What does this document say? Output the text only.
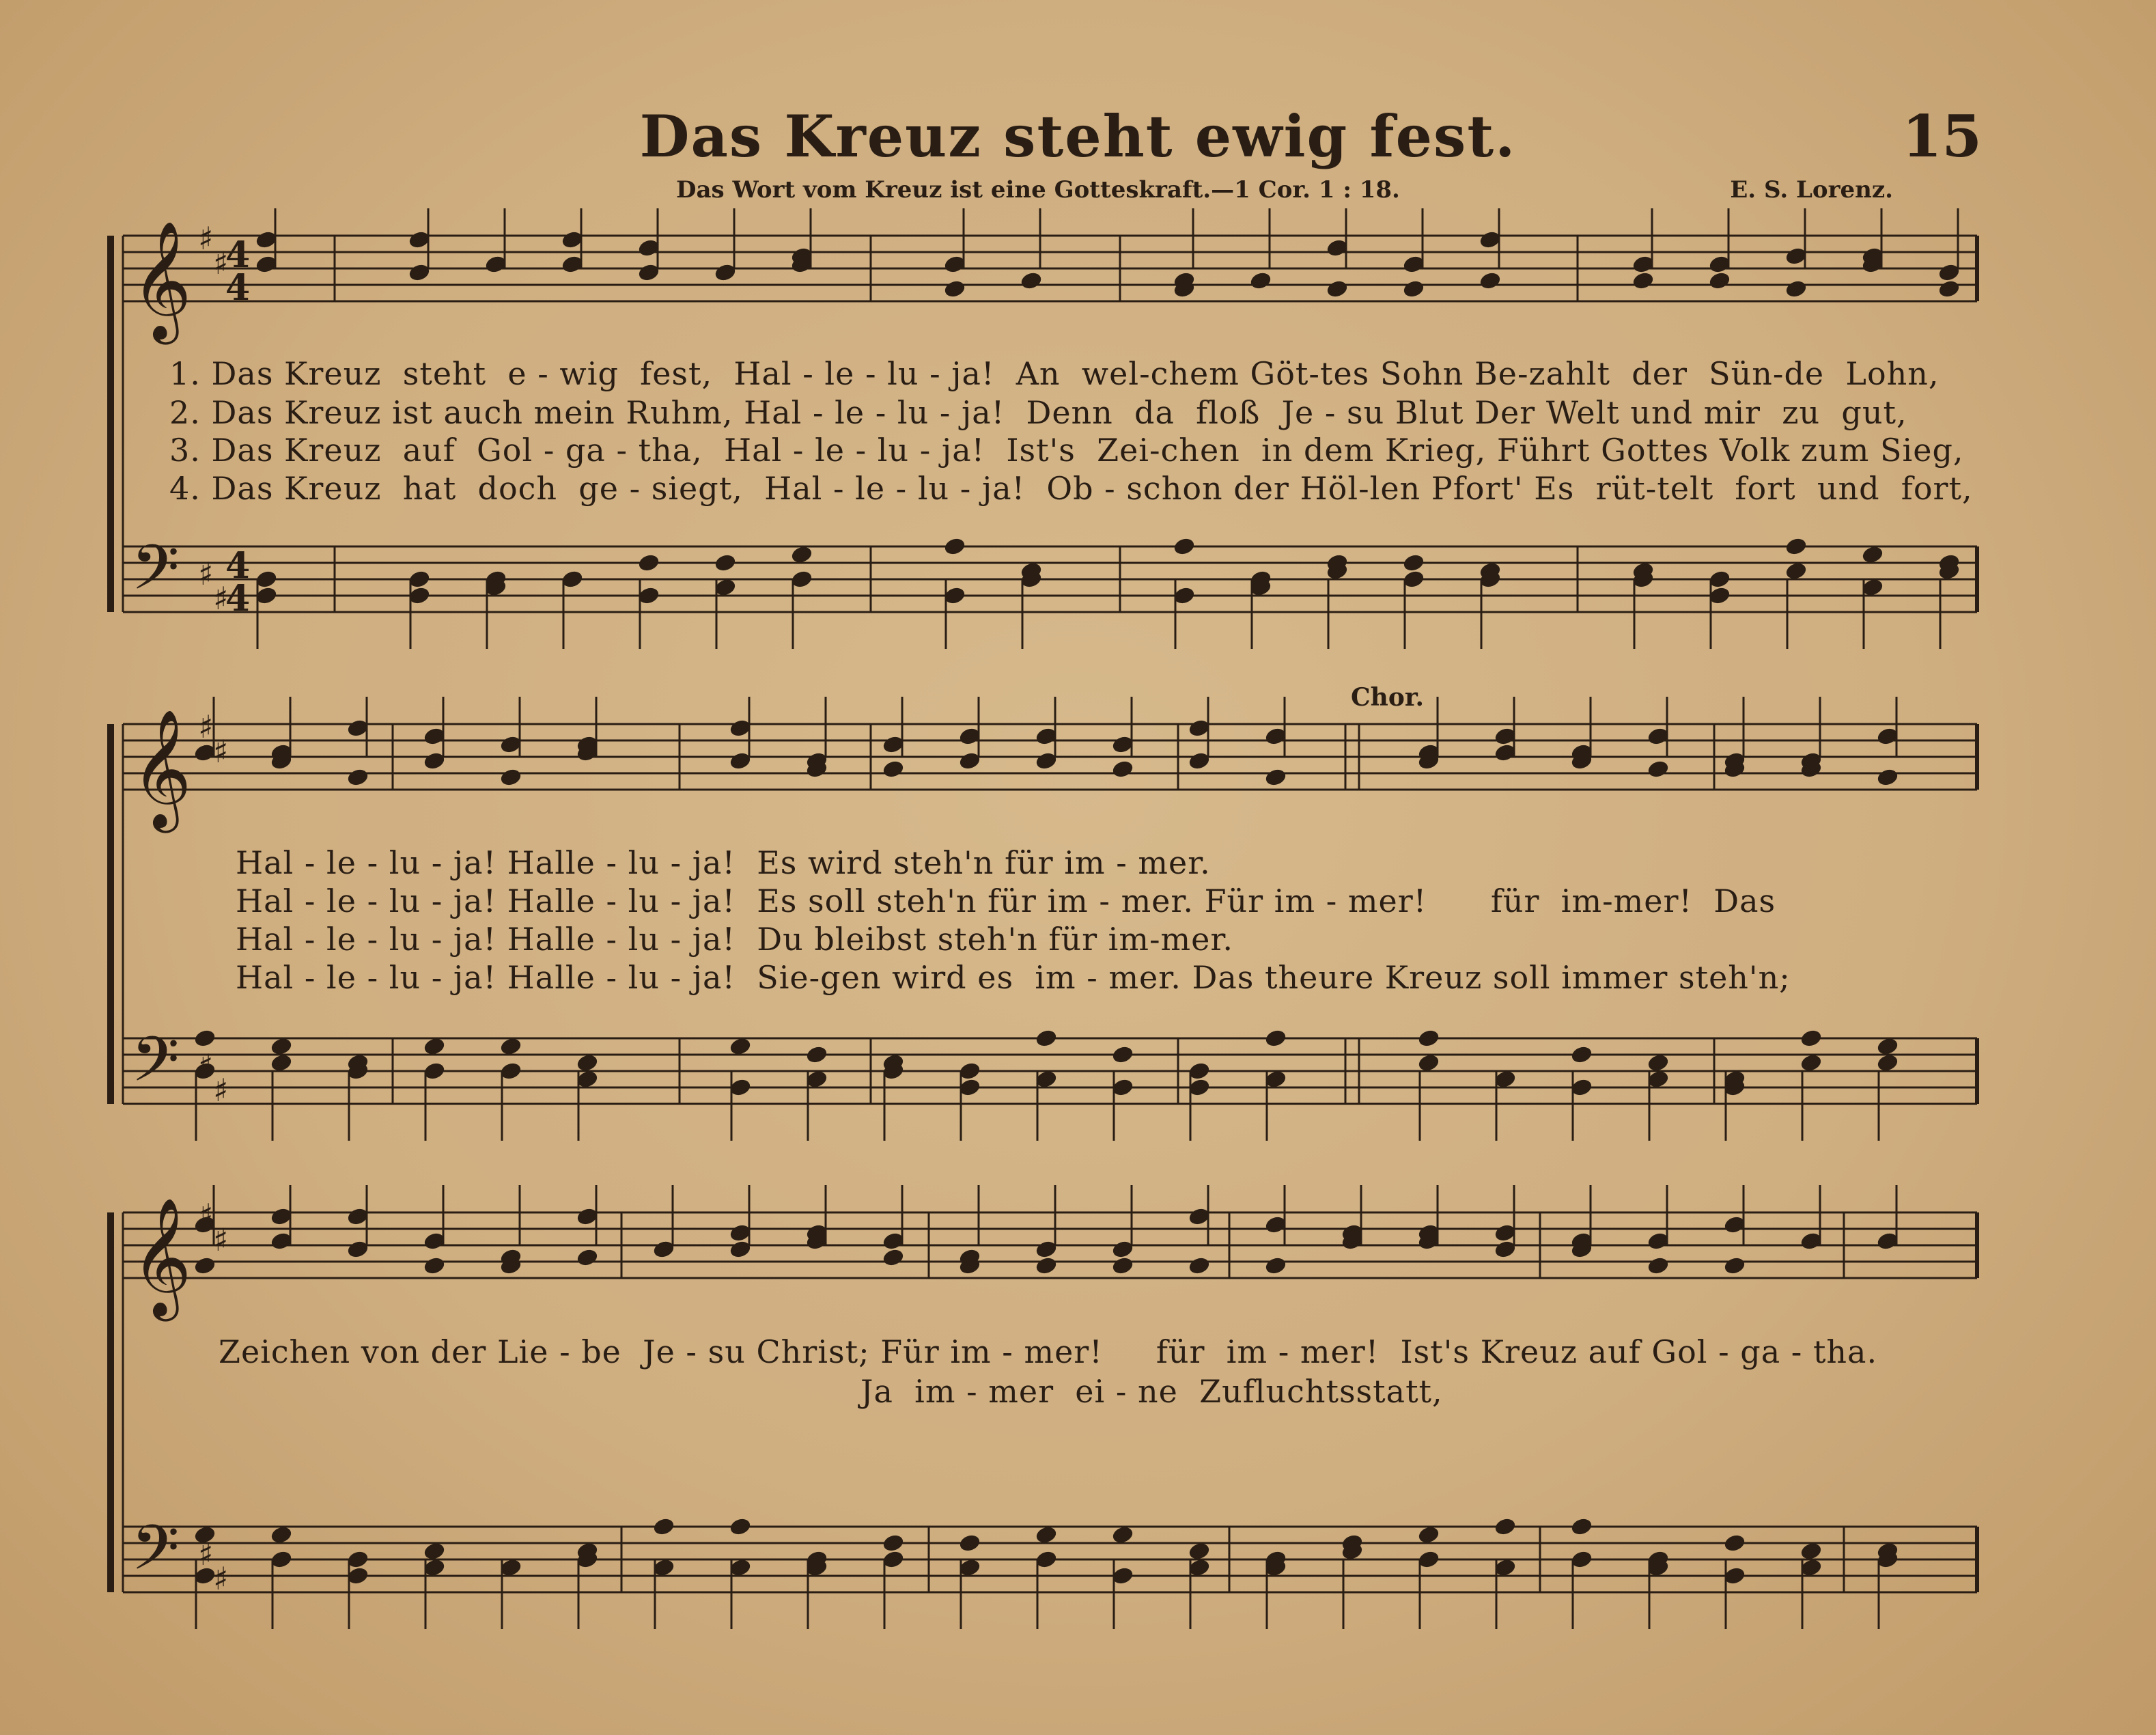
Das Kreuz steht ewig fest.	15
Das Wort vom Kreuz ist eine Gotteskraft.—1 Cor. 1 : 18.	E. S. Lorenz.
Chor.
𝄞
𝄢
♯
♯
♯
♯
4
4
4
4
𝄞
𝄢
♯
♯
♯
♯
𝄞
𝄢
♯
♯
♯
♯
1. Das Kreuz  steht  e - wig  fest,  Hal - le - lu - ja!  An  wel-chem Göt-tes Sohn Be-zahlt  der  Sün-de  Lohn,
2. Das Kreuz ist auch mein Ruhm, Hal - le - lu - ja!  Denn  da  floß  Je - su Blut Der Welt und mir  zu  gut,
3. Das Kreuz  auf  Gol - ga - tha,  Hal - le - lu - ja!  Ist's  Zei-chen  in dem Krieg, Führt Gottes Volk zum Sieg,
4. Das Kreuz  hat  doch  ge - siegt,  Hal - le - lu - ja!  Ob - schon der Höl-len Pfort' Es  rüt-telt  fort  und  fort,
Hal - le - lu - ja! Halle - lu - ja!  Es wird steh'n für im - mer.
Hal - le - lu - ja! Halle - lu - ja!  Es soll steh'n für im - mer. Für im - mer!      für  im-mer!  Das
Hal - le - lu - ja! Halle - lu - ja!  Du bleibst steh'n für im-mer.
Hal - le - lu - ja! Halle - lu - ja!  Sie-gen wird es  im - mer. Das theure Kreuz soll immer steh'n;
Zeichen von der Lie - be  Je - su Christ; Für im - mer!     für  im - mer!  Ist's Kreuz auf Gol - ga - tha.
Ja  im - mer  ei - ne  Zufluchtsstatt,
